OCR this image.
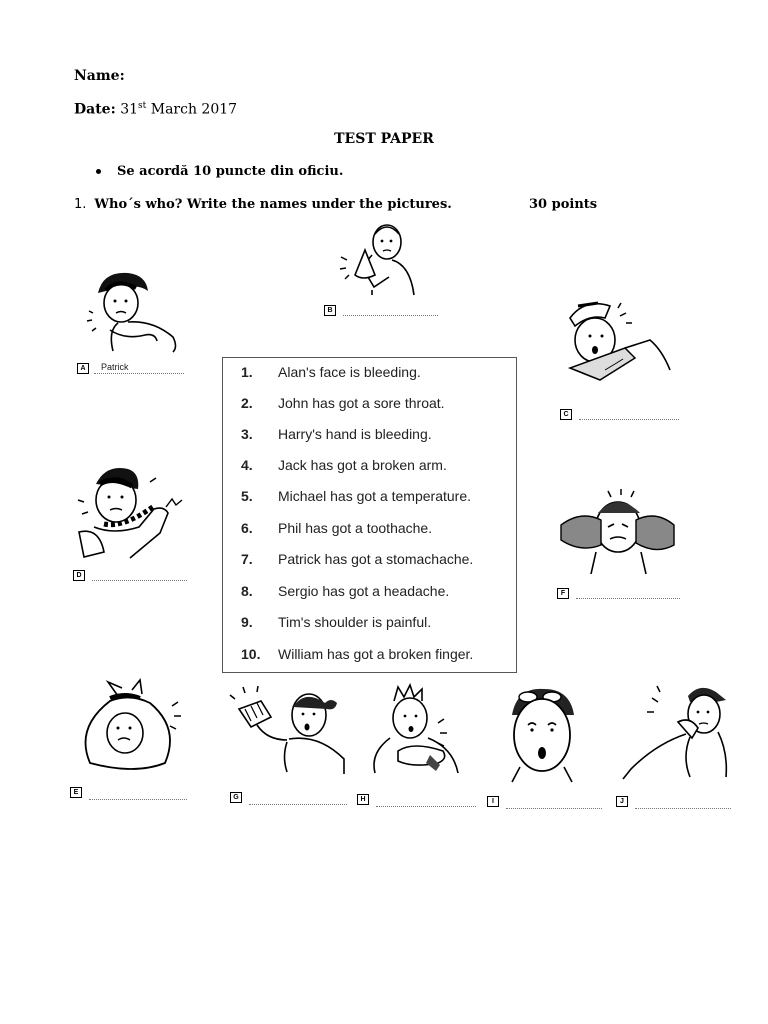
Name:
Date: 31st March 2017
TEST PAPER
Se acordă 10 puncte din oficiu.
1. Who´s who? Write the names under the pictures.	30 points
1. Alan's face is bleeding.
2. John has got a sore throat.
3. Harry's hand is bleeding.
4. Jack has got a broken arm.
5. Michael has got a temperature.
6. Phil has got a toothache.
7. Patrick has got a stomachache.
8. Sergio has got a headache.
9. Tim's shoulder is painful.
10. William has got a broken finger.
A	Patrick
B
C
D
F
E
G	H	I	J
